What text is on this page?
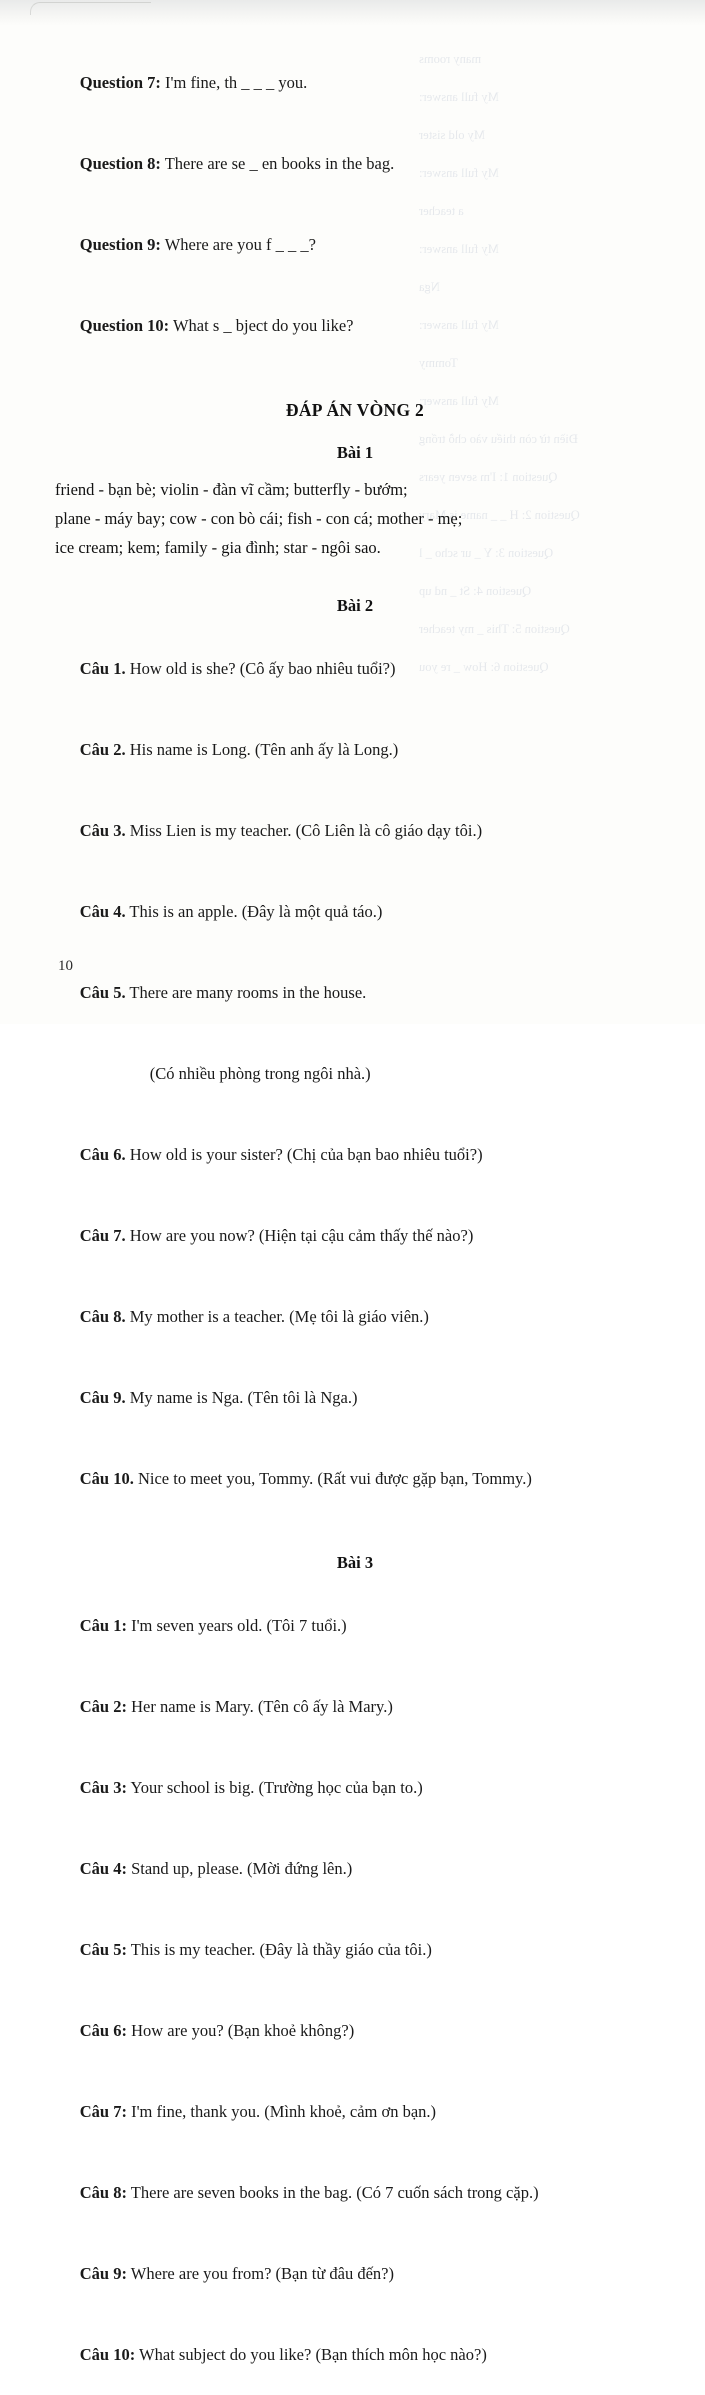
many rooms
My full answer:
My old sister
My full answer:
a teacher
My full answer:
Nga
My full answer:
Tommy
My full answer:
Điền từ còn thiếu vào chỗ trống
Question 1: I'm seven years
Question 2: H _ _ name is Mary
Question 3: Y _ ur scho _ l
Question 4: St _ nd up
Question 5: This _ my teacher
Question 6: How _ re you

Question 7: I'm fine, th _ _ _ you.

Question 8: There are se _ en books in the bag.

Question 9: Where are you f _ _ _?

Question 10: What s _ bject do you like?

ĐÁP ÁN VÒNG 2
Bài 1
friend - bạn bè; violin - đàn vĩ cầm; butterfly - bướm;
plane - máy bay; cow - con bò cái; fish - con cá; mother - mẹ;
ice cream; kem; family - gia đình; star - ngôi sao.
Bài 2

Câu 1. How old is she? (Cô ấy bao nhiêu tuổi?)

Câu 2. His name is Long. (Tên anh ấy là Long.)

Câu 3. Miss Lien is my teacher. (Cô Liên là cô giáo dạy tôi.)

Câu 4. This is an apple. (Đây là một quả táo.)

Câu 5. There are many rooms in the house.

(Có nhiều phòng trong ngôi nhà.)

Câu 6. How old is your sister? (Chị của bạn bao nhiêu tuổi?)

Câu 7. How are you now? (Hiện tại cậu cảm thấy thế nào?)

Câu 8. My mother is a teacher. (Mẹ tôi là giáo viên.)

Câu 9. My name is Nga. (Tên tôi là Nga.)

Câu 10. Nice to meet you, Tommy. (Rất vui được gặp bạn, Tommy.)

Bài 3

Câu 1: I'm seven years old. (Tôi 7 tuổi.)

Câu 2: Her name is Mary. (Tên cô ấy là Mary.)

Câu 3: Your school is big. (Trường học của bạn to.)

Câu 4: Stand up, please. (Mời đứng lên.)

Câu 5: This is my teacher. (Đây là thầy giáo của tôi.)

Câu 6: How are you? (Bạn khoẻ không?)

Câu 7: I'm fine, thank you. (Mình khoẻ, cảm ơn bạn.)

Câu 8: There are seven books in the bag. (Có 7 cuốn sách trong cặp.)

Câu 9: Where are you from? (Bạn từ đâu đến?)

Câu 10: What subject do you like? (Bạn thích môn học nào?)

10
